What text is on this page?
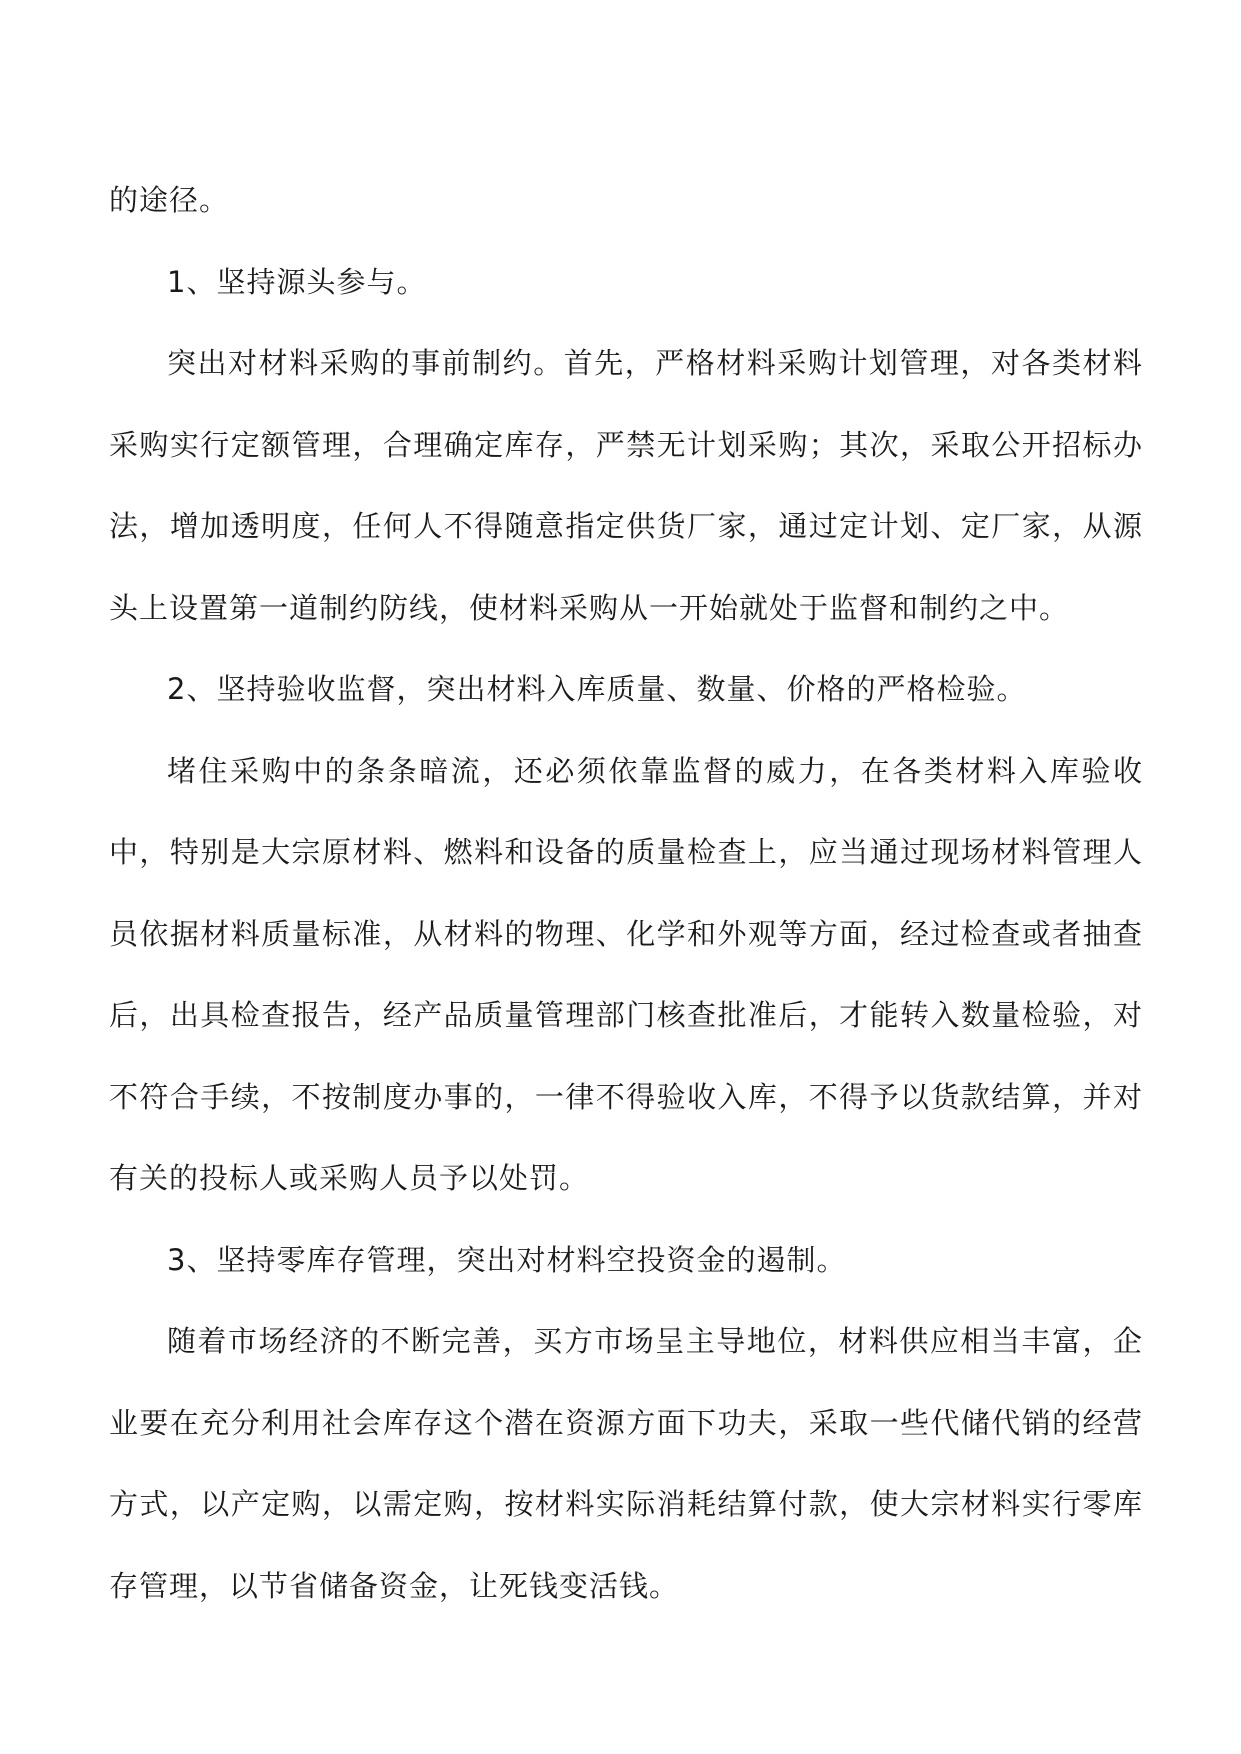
的途径。

1、坚持源头参与。

突出对材料采购的事前制约。首先，严格材料采购计划管理，对各类材料采购实行定额管理，合理确定库存，严禁无计划采购；其次，采取公开招标办法，增加透明度，任何人不得随意指定供货厂家，通过定计划、定厂家，从源头上设置第一道制约防线，使材料采购从一开始就处于监督和制约之中。

2、坚持验收监督，突出材料入库质量、数量、价格的严格检验。

堵住采购中的条条暗流，还必须依靠监督的威力，在各类材料入库验收中，特别是大宗原材料、燃料和设备的质量检查上，应当通过现场材料管理人员依据材料质量标准，从材料的物理、化学和外观等方面，经过检查或者抽查后，出具检查报告，经产品质量管理部门核查批准后，才能转入数量检验，对不符合手续，不按制度办事的，一律不得验收入库，不得予以货款结算，并对有关的投标人或采购人员予以处罚。

3、坚持零库存管理，突出对材料空投资金的遏制。

随着市场经济的不断完善，买方市场呈主导地位，材料供应相当丰富，企业要在充分利用社会库存这个潜在资源方面下功夫，采取一些代储代销的经营方式，以产定购，以需定购，按材料实际消耗结算付款，使大宗材料实行零库存管理，以节省储备资金，让死钱变活钱。
